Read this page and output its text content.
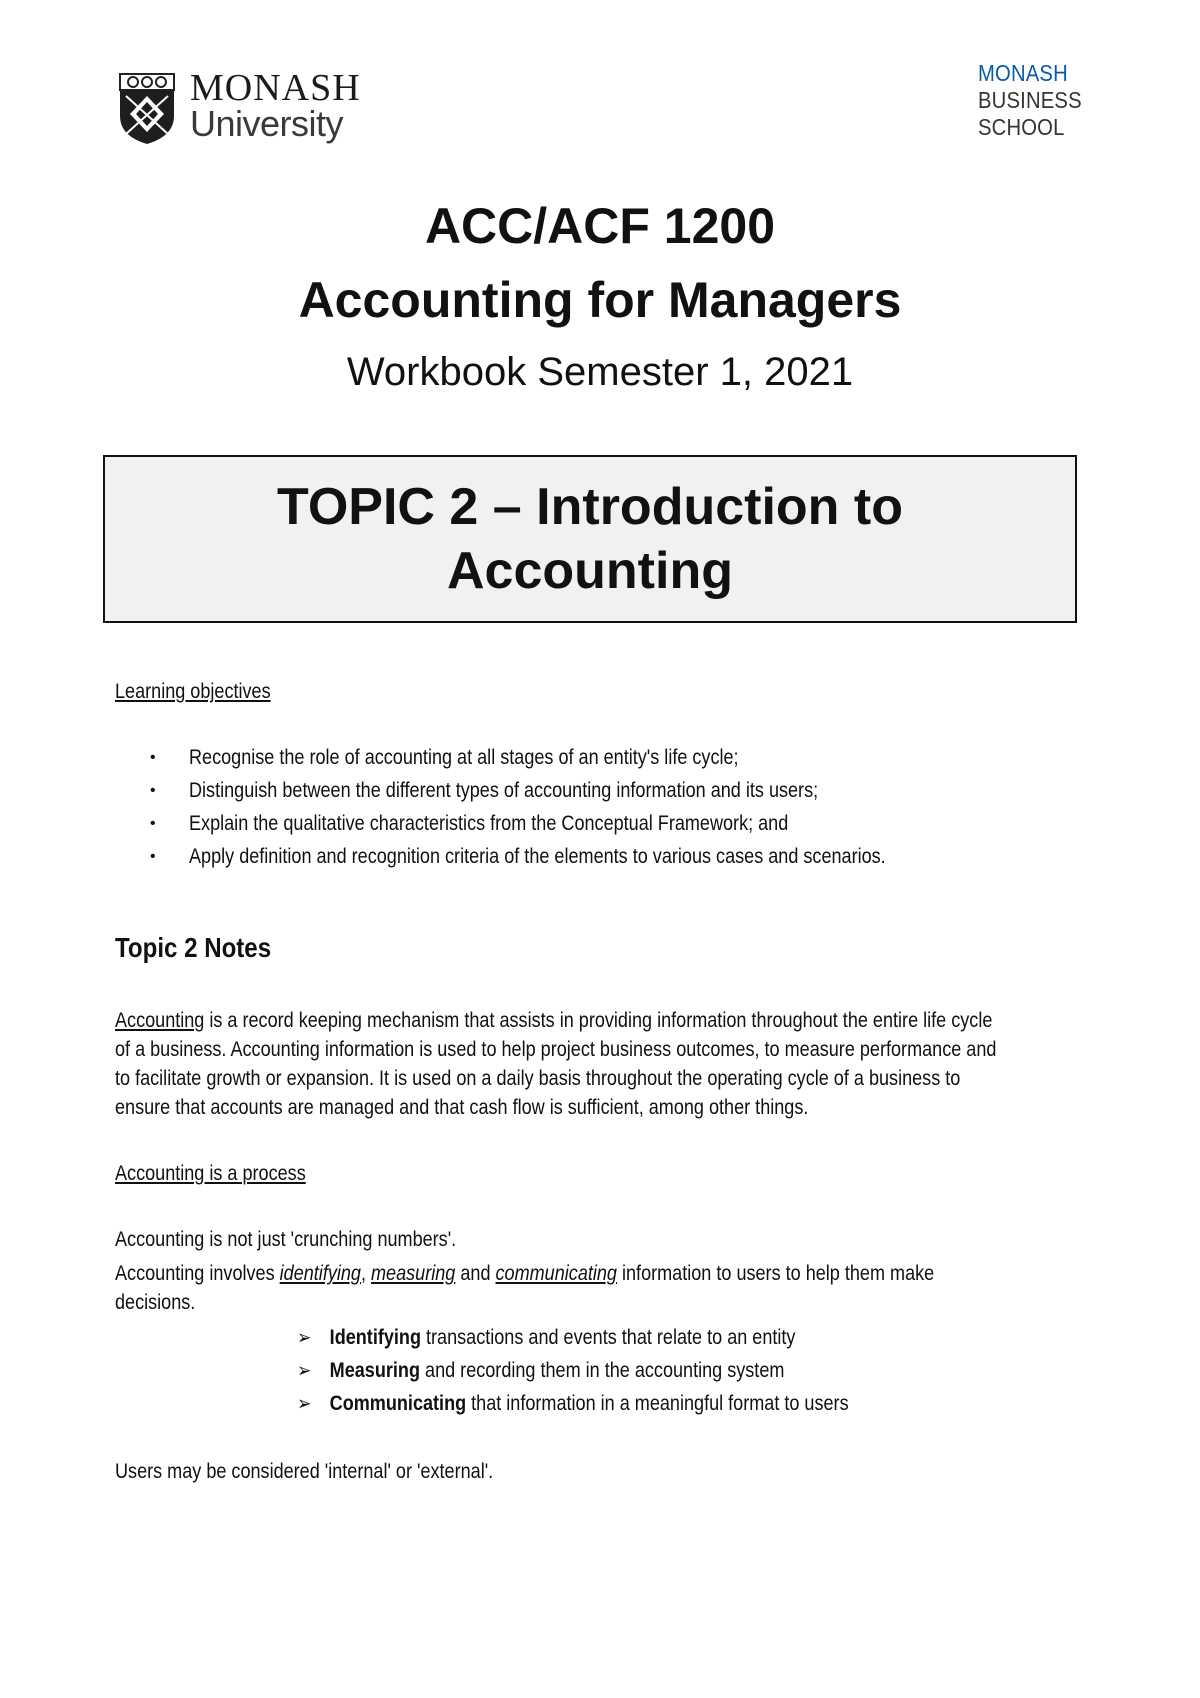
MONASH
University
MONASH
BUSINESS
SCHOOL
ACC/ACF 1200
Accounting for Managers
Workbook Semester 1, 2021
TOPIC 2 – Introduction to Accounting
Learning objectives
• Recognise the role of accounting at all stages of an entity's life cycle;
• Distinguish between the different types of accounting information and its users;
• Explain the qualitative characteristics from the Conceptual Framework; and
• Apply definition and recognition criteria of the elements to various cases and scenarios.
Topic 2 Notes
Accounting is a record keeping mechanism that assists in providing information throughout the entire life cycle
of a business. Accounting information is used to help project business outcomes, to measure performance and
to facilitate growth or expansion. It is used on a daily basis throughout the operating cycle of a business to
ensure that accounts are managed and that cash flow is sufficient, among other things.
Accounting is a process
Accounting is not just 'crunching numbers'.
Accounting involves identifying, measuring and communicating information to users to help them make
decisions.
➢ Identifying transactions and events that relate to an entity
➢ Measuring and recording them in the accounting system
➢ Communicating that information in a meaningful format to users
Users may be considered 'internal' or 'external'.
